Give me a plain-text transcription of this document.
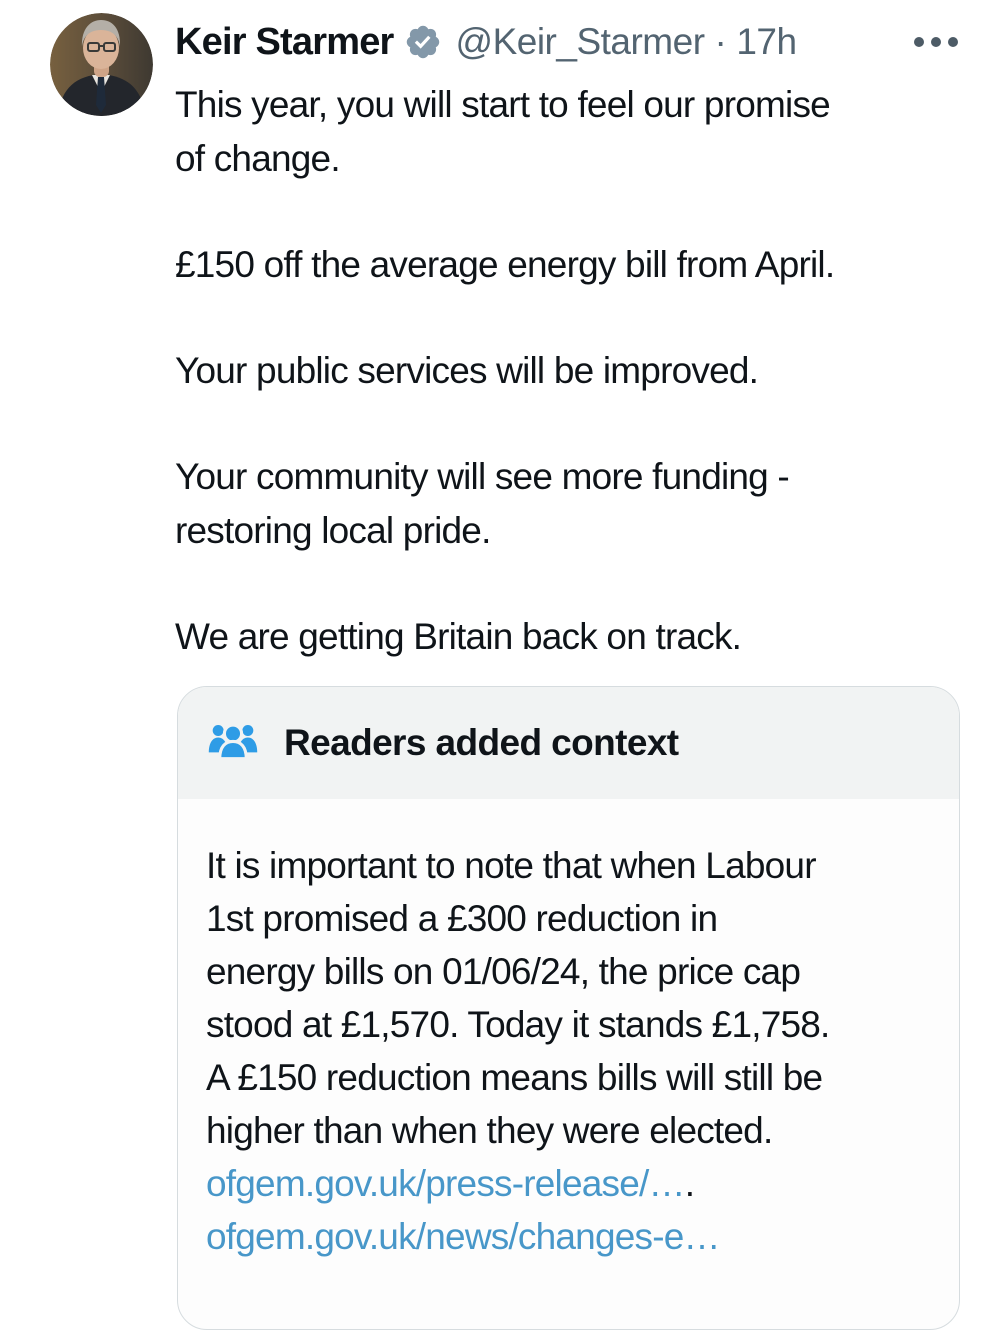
Keir Starmer @Keir_Starmer · 17h
This year, you will start to feel our promise
of change.
£150 off the average energy bill from April.
Your public services will be improved.
Your community will see more funding -
restoring local pride.
We are getting Britain back on track.
Readers added context
It is important to note that when Labour
1st promised a £300 reduction in
energy bills on 01/06/24, the price cap
stood at £1,570. Today it stands £1,758.
A £150 reduction means bills will still be
higher than when they were elected.
ofgem.gov.uk/press-release/….
ofgem.gov.uk/news/changes-e…
